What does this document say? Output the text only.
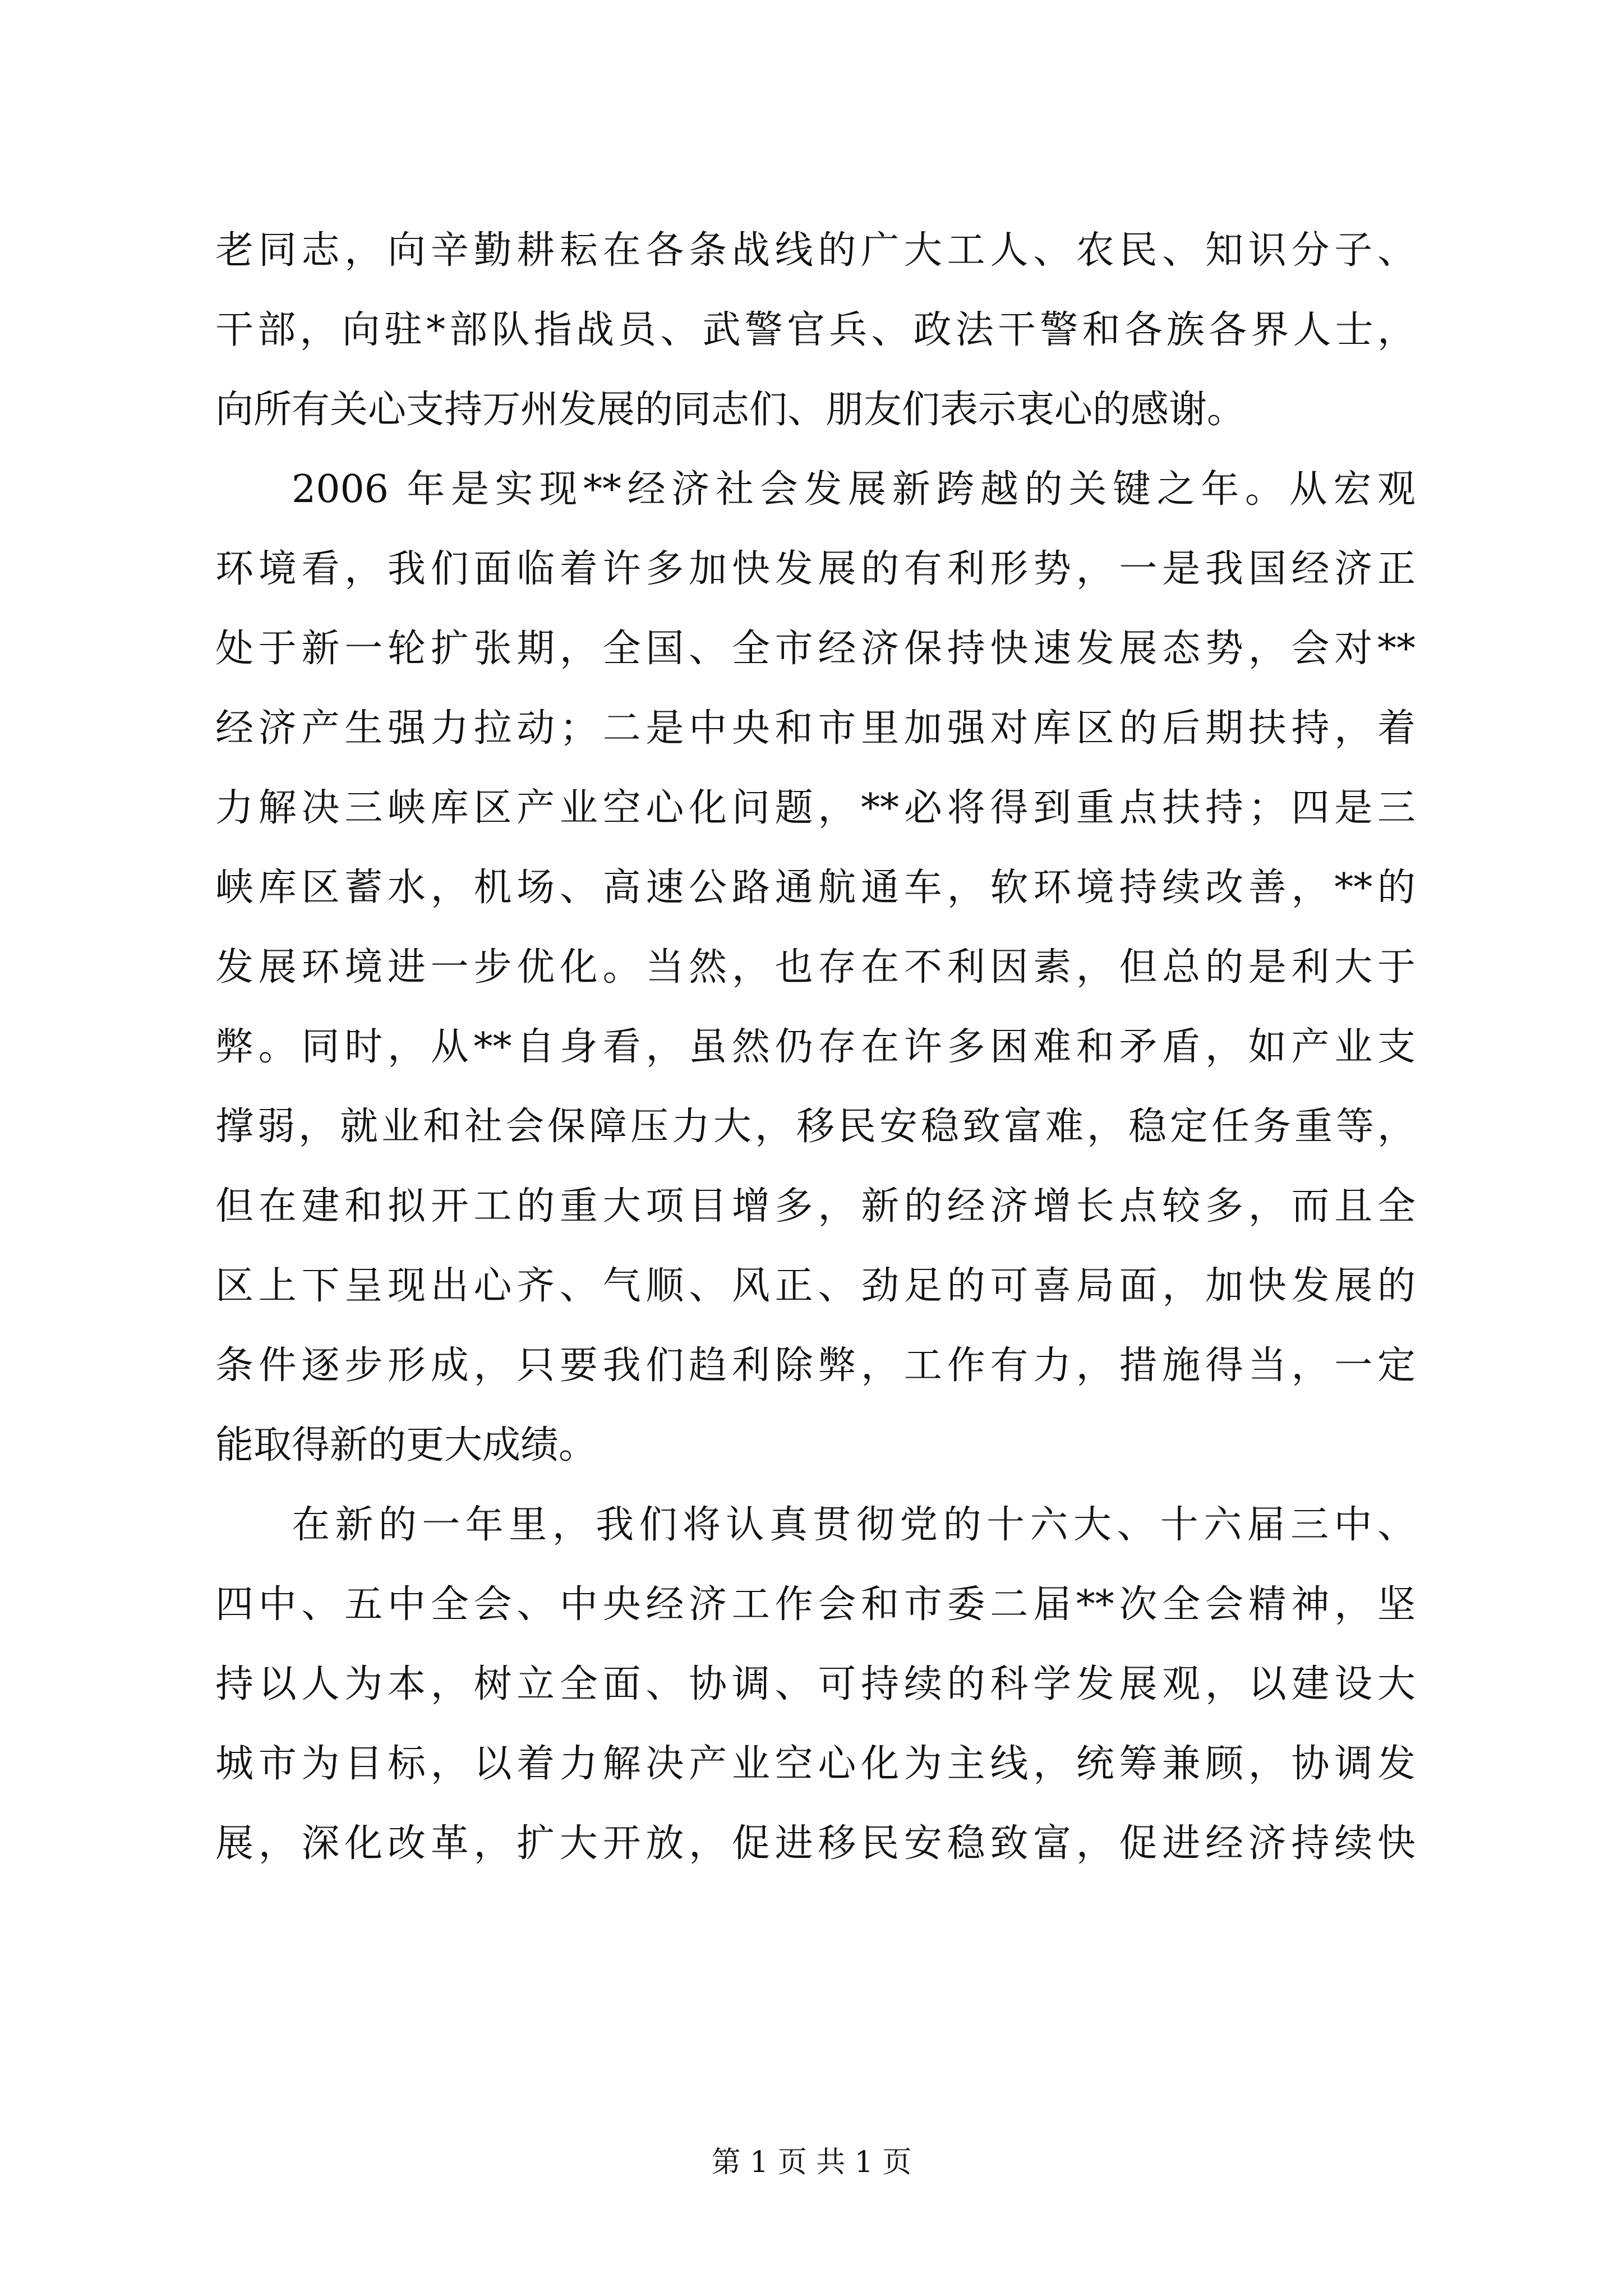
老同志，向辛勤耕耘在各条战线的广大工人、农民、知识分子、

干部，向驻*部队指战员、武警官兵、政法干警和各族各界人士，

向所有关心支持万州发展的同志们、朋友们表示衷心的感谢。

2006 年是实现**经济社会发展新跨越的关键之年。从宏观

环境看，我们面临着许多加快发展的有利形势，一是我国经济正

处于新一轮扩张期，全国、全市经济保持快速发展态势，会对**

经济产生强力拉动；二是中央和市里加强对库区的后期扶持，着

力解决三峡库区产业空心化问题，**必将得到重点扶持；四是三

峡库区蓄水，机场、高速公路通航通车，软环境持续改善，**的

发展环境进一步优化。当然，也存在不利因素，但总的是利大于

弊。同时，从**自身看，虽然仍存在许多困难和矛盾，如产业支

撑弱，就业和社会保障压力大，移民安稳致富难，稳定任务重等，

但在建和拟开工的重大项目增多，新的经济增长点较多，而且全

区上下呈现出心齐、气顺、风正、劲足的可喜局面，加快发展的

条件逐步形成，只要我们趋利除弊，工作有力，措施得当，一定

能取得新的更大成绩。

在新的一年里，我们将认真贯彻党的十六大、十六届三中、

四中、五中全会、中央经济工作会和市委二届**次全会精神，坚

持以人为本，树立全面、协调、可持续的科学发展观，以建设大

城市为目标，以着力解决产业空心化为主线，统筹兼顾，协调发

展，深化改革，扩大开放，促进移民安稳致富，促进经济持续快

第 1 页 共 1 页
